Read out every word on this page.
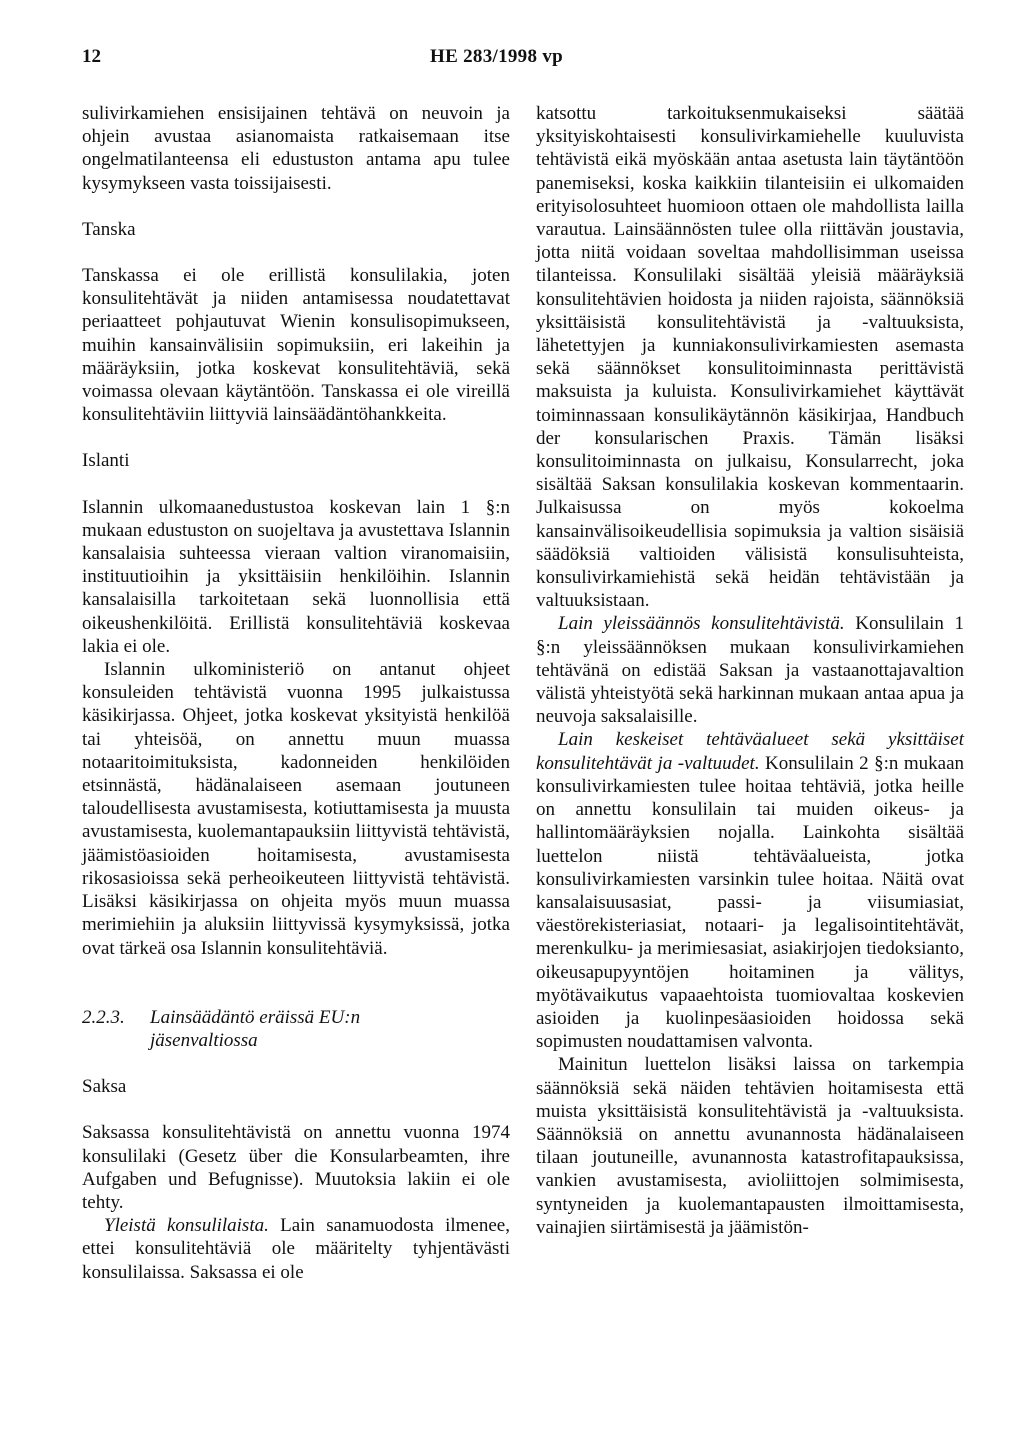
12	HE 283/1998 vp

sulivirkamiehen ensisijainen tehtävä on neuvoin ja ohjein avustaa asianomaista ratkaisemaan itse ongelmatilanteensa eli edustuston antama apu tulee kysymykseen vasta toissijaisesti.

Tanska

Tanskassa ei ole erillistä konsulilakia, joten konsulitehtävät ja niiden antamisessa noudatettavat periaatteet pohjautuvat Wienin konsulisopimukseen, muihin kansainvälisiin sopimuksiin, eri lakeihin ja määräyksiin, jotka koskevat konsulitehtäviä, sekä voimassa olevaan käytäntöön. Tanskassa ei ole vireillä konsulitehtäviin liittyviä lainsäädäntöhankkeita.

Islanti

Islannin ulkomaanedustustoa koskevan lain 1 §:n mukaan edustuston on suojeltava ja avustettava Islannin kansalaisia suhteessa vieraan valtion viranomaisiin, instituutioihin ja yksittäisiin henkilöihin. Islannin kansalaisilla tarkoitetaan sekä luonnollisia että oikeushenkilöitä. Erillistä konsulitehtäviä koskevaa lakia ei ole.

Islannin ulkoministeriö on antanut ohjeet konsuleiden tehtävistä vuonna 1995 julkaistussa käsikirjassa. Ohjeet, jotka koskevat yksityistä henkilöä tai yhteisöä, on annettu muun muassa notaaritoimituksista, kadonneiden henkilöiden etsinnästä, hädänalaiseen asemaan joutuneen taloudellisesta avustamisesta, kotiuttamisesta ja muusta avustamisesta, kuolemantapauksiin liittyvistä tehtävistä, jäämistöasioiden hoitamisesta, avustamisesta rikosasioissa sekä perheoikeuteen liittyvistä tehtävistä. Lisäksi käsikirjassa on ohjeita myös muun muassa merimiehiin ja aluksiin liittyvissä kysymyksissä, jotka ovat tärkeä osa Islannin konsulitehtäviä.

2.2.3.	Lainsäädäntö eräissä EU:n jäsenvaltiossa

Saksa

Saksassa konsulitehtävistä on annettu vuonna 1974 konsulilaki (Gesetz über die Konsularbeamten, ihre Aufgaben und Befugnisse). Muutoksia lakiin ei ole tehty.

Yleistä konsulilaista. Lain sanamuodosta ilmenee, ettei konsulitehtäviä ole määritelty tyhjentävästi konsulilaissa. Saksassa ei ole

katsottu tarkoituksenmukaiseksi säätää yksityiskohtaisesti konsulivirkamiehelle kuuluvista tehtävistä eikä myöskään antaa asetusta lain täytäntöön panemiseksi, koska kaikkiin tilanteisiin ei ulkomaiden erityisolosuhteet huomioon ottaen ole mahdollista lailla varautua. Lainsäännösten tulee olla riittävän joustavia, jotta niitä voidaan soveltaa mahdollisimman useissa tilanteissa. Konsulilaki sisältää yleisiä määräyksiä konsulitehtävien hoidosta ja niiden rajoista, säännöksiä yksittäisistä konsulitehtävistä ja -valtuuksista, lähetettyjen ja kunniakonsulivirkamiesten asemasta sekä säännökset konsulitoiminnasta perittävistä maksuista ja kuluista. Konsulivirkamiehet käyttävät toiminnassaan konsulikäytännön käsikirjaa, Handbuch der konsularischen Praxis. Tämän lisäksi konsulitoiminnasta on julkaisu, Konsularrecht, joka sisältää Saksan konsulilakia koskevan kommentaarin. Julkaisussa on myös kokoelma kansainvälisoikeudellisia sopimuksia ja valtion sisäisiä säädöksiä valtioiden välisistä konsulisuhteista, konsulivirkamiehistä sekä heidän tehtävistään ja valtuuksistaan.

Lain yleissäännös konsulitehtävistä. Konsulilain 1 §:n yleissäännöksen mukaan konsulivirkamiehen tehtävänä on edistää Saksan ja vastaanottajavaltion välistä yhteistyötä sekä harkinnan mukaan antaa apua ja neuvoja saksalaisille.

Lain keskeiset tehtäväalueet sekä yksittäiset konsulitehtävät ja -valtuudet. Konsulilain 2 §:n mukaan konsulivirkamiesten tulee hoitaa tehtäviä, jotka heille on annettu konsulilain tai muiden oikeus- ja hallintomääräyksien nojalla. Lainkohta sisältää luettelon niistä tehtäväalueista, jotka konsulivirkamiesten varsinkin tulee hoitaa. Näitä ovat kansalaisuusasiat, passi- ja viisumiasiat, väestörekisteriasiat, notaari- ja legalisointitehtävät, merenkulku- ja merimiesasiat, asiakirjojen tiedoksianto, oikeusapupyyntöjen hoitaminen ja välitys, myötävaikutus vapaaehtoista tuomiovaltaa koskevien asioiden ja kuolinpesäasioiden hoidossa sekä sopimusten noudattamisen valvonta.

Mainitun luettelon lisäksi laissa on tarkempia säännöksiä sekä näiden tehtävien hoitamisesta että muista yksittäisistä konsulitehtävistä ja -valtuuksista. Säännöksiä on annettu avunannosta hädänalaiseen tilaan joutuneille, avunannosta katastrofitapauksissa, vankien avustamisesta, avioliittojen solmimisesta, syntyneiden ja kuolemantapausten ilmoittamisesta, vainajien siirtämisestä ja jäämistön-
